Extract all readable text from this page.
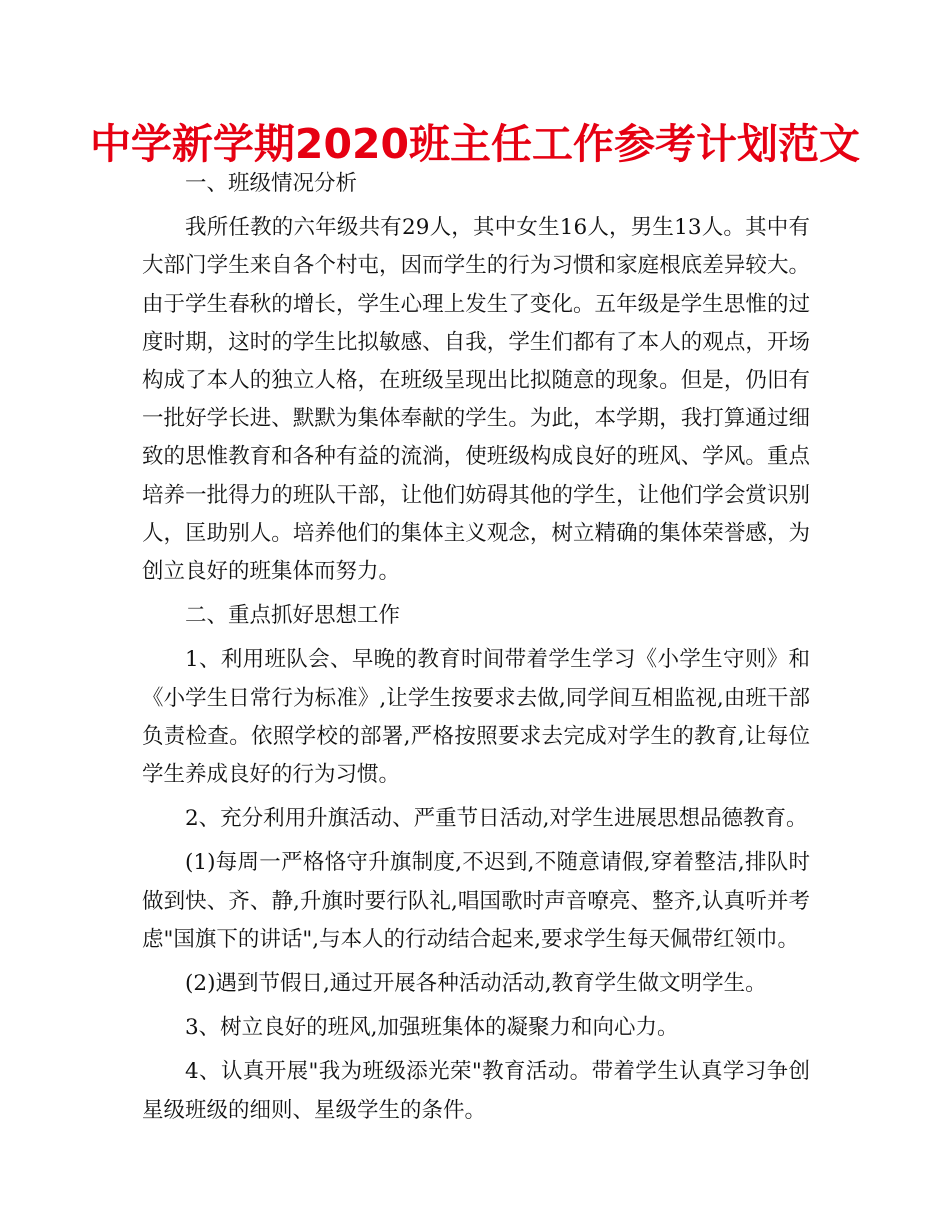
中学新学期2020班主任工作参考计划范文

一、班级情况分析

我所任教的六年级共有29人，其中女生16人，男生13人。其中有大部门学生来自各个村屯，因而学生的行为习惯和家庭根底差异较大。由于学生春秋的增长，学生心理上发生了变化。五年级是学生思惟的过度时期，这时的学生比拟敏感、自我，学生们都有了本人的观点，开场构成了本人的独立人格，在班级呈现出比拟随意的现象。但是，仍旧有一批好学长进、默默为集体奉献的学生。为此，本学期，我打算通过细致的思惟教育和各种有益的流淌，使班级构成良好的班风、学风。重点培养一批得力的班队干部，让他们妨碍其他的学生，让他们学会赏识别人，匡助别人。培养他们的集体主义观念，树立精确的集体荣誉感，为创立良好的班集体而努力。

二、重点抓好思想工作

1、利用班队会、早晚的教育时间带着学生学习《小学生守则》和《小学生日常行为标准》,让学生按要求去做,同学间互相监视,由班干部负责检查。依照学校的部署,严格按照要求去完成对学生的教育,让每位学生养成良好的行为习惯。

2、充分利用升旗活动、严重节日活动,对学生进展思想品德教育。

(1)每周一严格恪守升旗制度,不迟到,不随意请假,穿着整洁,排队时做到快、齐、静,升旗时要行队礼,唱国歌时声音嘹亮、整齐,认真听并考虑"国旗下的讲话",与本人的行动结合起来,要求学生每天佩带红领巾。

(2)遇到节假日,通过开展各种活动活动,教育学生做文明学生。

3、树立良好的班风,加强班集体的凝聚力和向心力。

4、认真开展"我为班级添光荣"教育活动。带着学生认真学习争创星级班级的细则、星级学生的条件。
